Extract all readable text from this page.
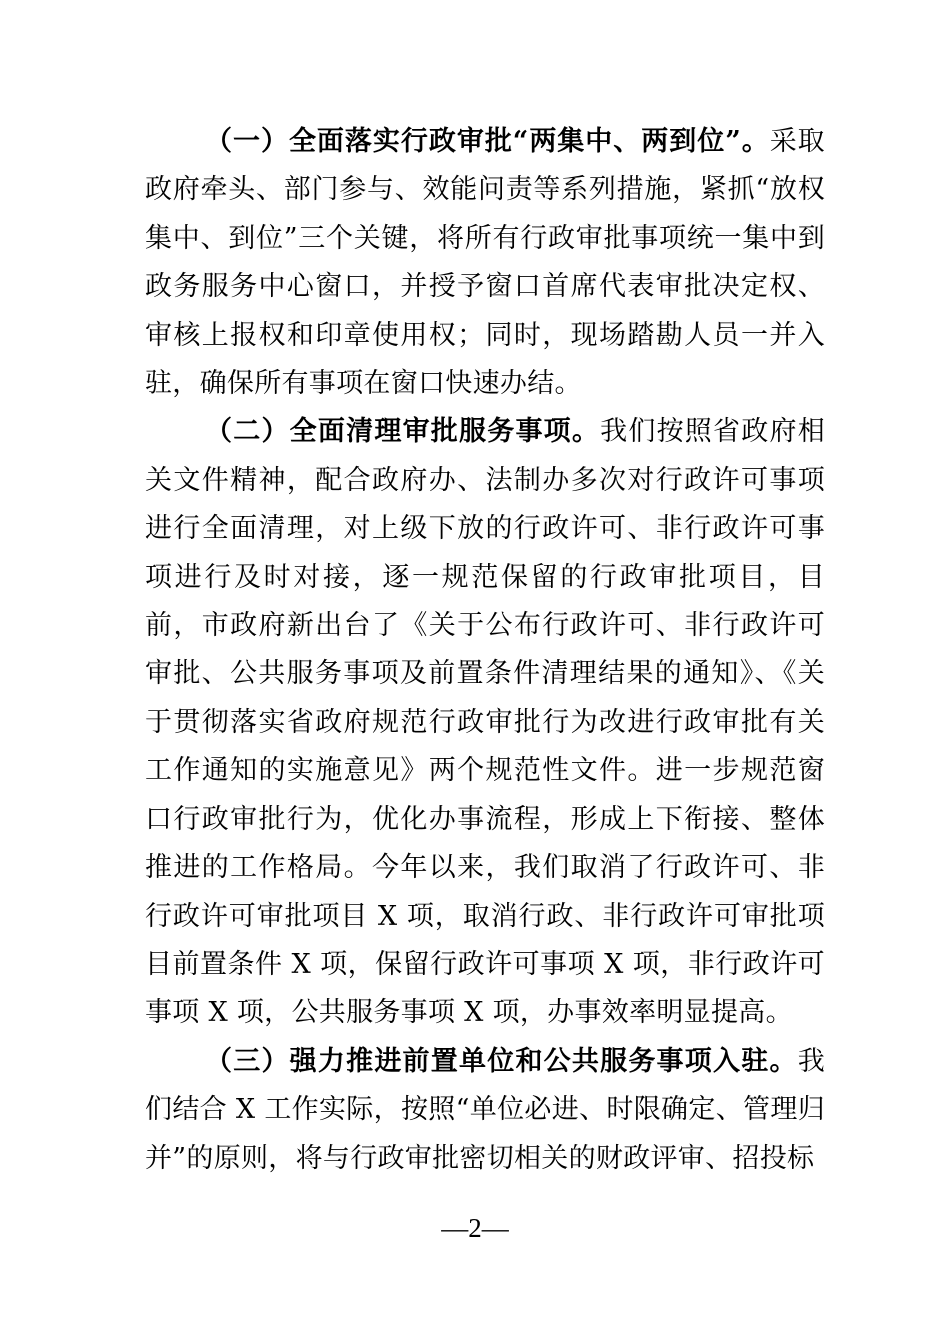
（一）全面落实行政审批“两集中、两到位”。采取政府牵头、部门参与、效能问责等系列措施，紧抓“放权集中、到位”三个关键，将所有行政审批事项统一集中到政务服务中心窗口，并授予窗口首席代表审批决定权、审核上报权和印章使用权；同时，现场踏勘人员一并入驻，确保所有事项在窗口快速办结。

（二）全面清理审批服务事项。我们按照省政府相关文件精神，配合政府办、法制办多次对行政许可事项进行全面清理，对上级下放的行政许可、非行政许可事项进行及时对接，逐一规范保留的行政审批项目，目前，市政府新出台了《关于公布行政许可、非行政许可审批、公共服务事项及前置条件清理结果的通知》、《关于贯彻落实省政府规范行政审批行为改进行政审批有关工作通知的实施意见》两个规范性文件。进一步规范窗口行政审批行为，优化办事流程，形成上下衔接、整体推进的工作格局。今年以来，我们取消了行政许可、非行政许可审批项目 X 项，取消行政、非行政许可审批项目前置条件 X 项，保留行政许可事项 X 项，非行政许可事项 X 项，公共服务事项 X 项，办事效率明显提高。

（三）强力推进前置单位和公共服务事项入驻。我们结合 X 工作实际，按照“单位必进、时限确定、管理归并”的原则，将与行政审批密切相关的财政评审、招投标

—2—
